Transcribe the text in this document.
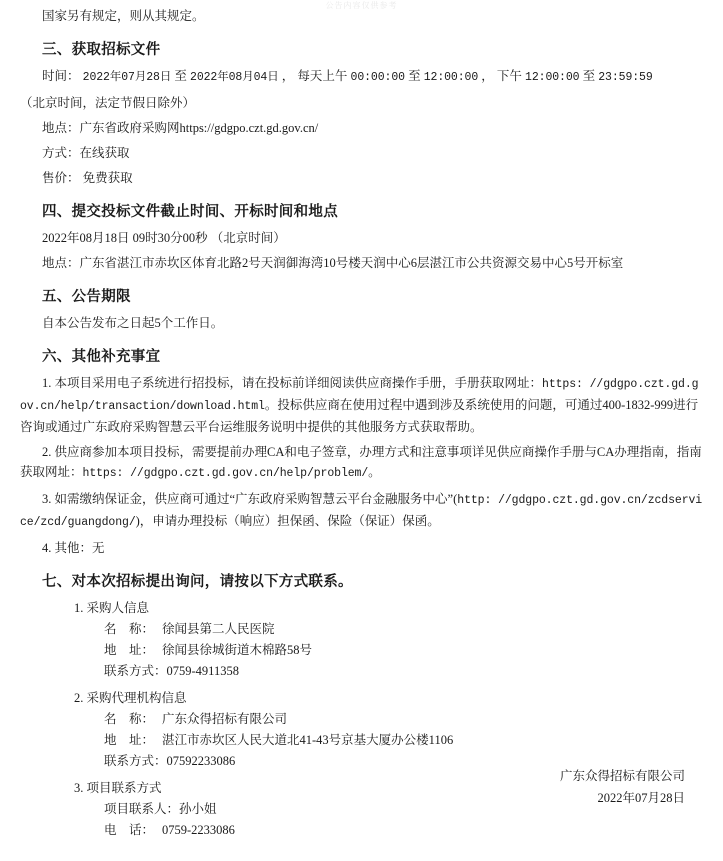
公告内容仅供参考

国家另有规定，则从其规定。

三、获取招标文件

时间： 2022年07月28日 至 2022年08月04日 ， 每天上午 00:00:00 至 12:00:00 ， 下午 12:00:00 至 23:59:59

（北京时间，法定节假日除外）

地点：广东省政府采购网https://gdgpo.czt.gd.gov.cn/

方式：在线获取

售价： 免费获取

四、提交投标文件截止时间、开标时间和地点

2022年08月18日 09时30分00秒 （北京时间）

地点：广东省湛江市赤坎区体育北路2号天润御海湾10号楼天润中心6层湛江市公共资源交易中心5号开标室

五、公告期限

自本公告发布之日起5个工作日。

六、其他补充事宜

1. 本项目采用电子系统进行招投标，请在投标前详细阅读供应商操作手册，手册获取网址：https: //gdgpo.czt.gd.gov.cn/help/transaction/download.html。投标供应商在使用过程中遇到涉及系统使用的问题，可通过400-1832-999进行咨询或通过广东政府采购智慧云平台运维服务说明中提供的其他服务方式获取帮助。

2. 供应商参加本项目投标，需要提前办理CA和电子签章，办理方式和注意事项详见供应商操作手册与CA办理指南，指南获取网址：https: //gdgpo.czt.gd.gov.cn/help/problem/。

3. 如需缴纳保证金，供应商可通过“广东政府采购智慧云平台金融服务中心”(http: //gdgpo.czt.gd.gov.cn/zcdservice/zcd/guangdong/)，申请办理投标（响应）担保函、保险（保证）保函。

4. 其他：无

七、对本次招标提出询问，请按以下方式联系。
1. 采购人信息
名　称： 徐闻县第二人民医院
地　址： 徐闻县徐城街道木棉路58号
联系方式：0759-4911358
2. 采购代理机构信息
名　称： 广东众得招标有限公司
地　址： 湛江市赤坎区人民大道北41-43号京基大厦办公楼1106
联系方式：07592233086
3. 项目联系方式
项目联系人：孙小姐
电　话： 0759-2233086
广东众得招标有限公司
2022年07月28日
